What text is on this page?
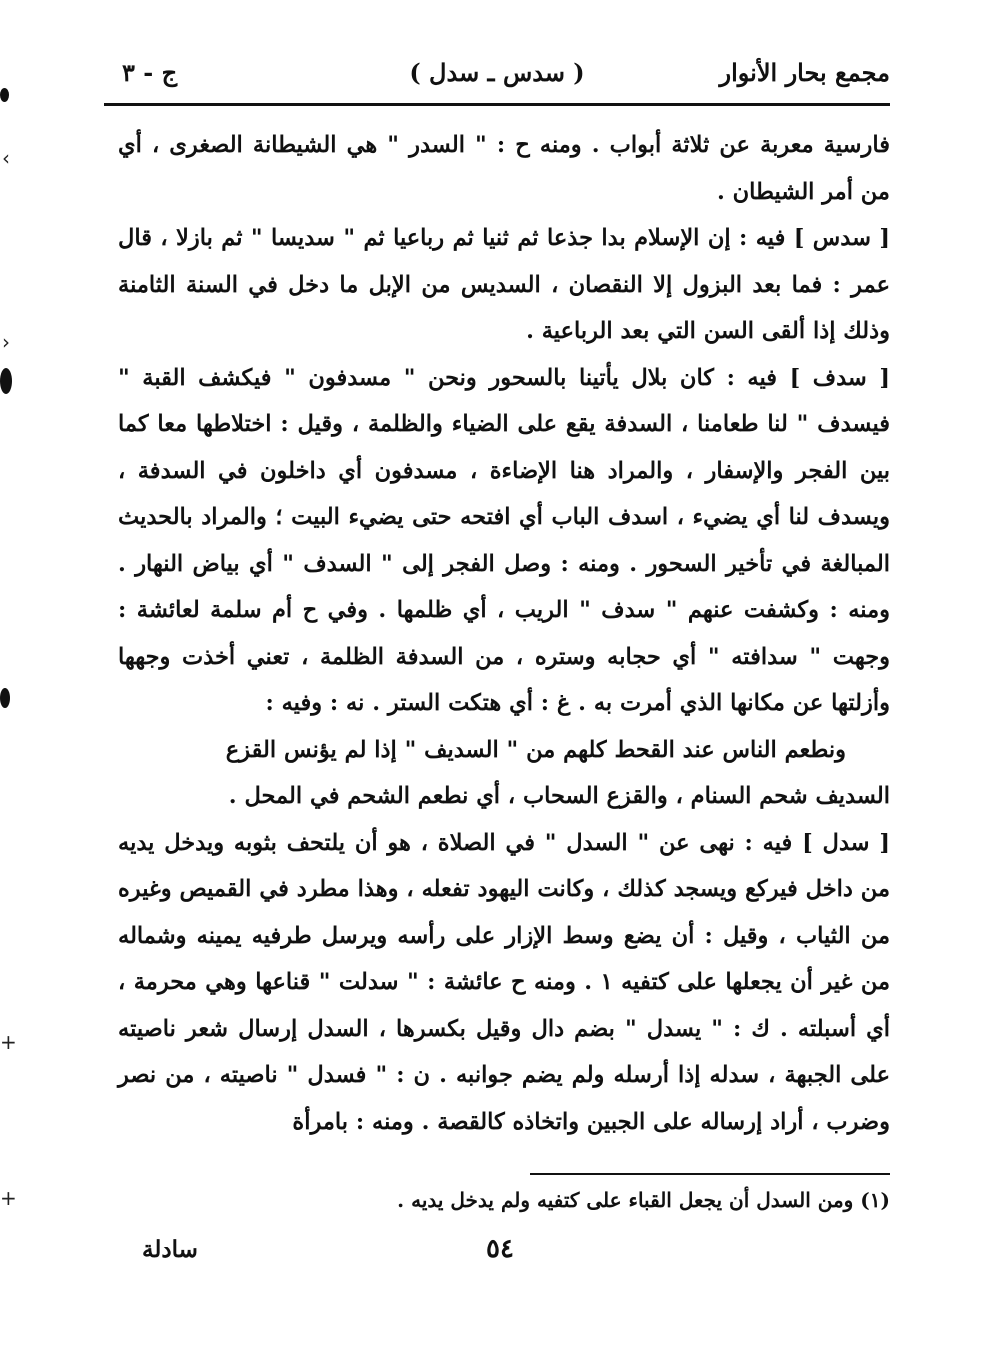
مجمع بحار الأنوار
( سدس ـ سدل )
ج - ٣

فارسية معربة عن ثلاثة أبواب . ومنه ح : " السدر " هي الشيطانة الصغرى ، أي من أمر الشيطان .

[ سدس ] فيه : إن الإسلام بدا جذعا ثم ثنيا ثم رباعيا ثم " سديسا " ثم بازلا ، قال عمر : فما بعد البزول إلا النقصان ، السديس من الإبل ما دخل في السنة الثامنة وذلك إذا ألقى السن التي بعد الرباعية .

[ سدف ] فيه : كان بلال يأتينا بالسحور ونحن " مسدفون " فيكشف القبة " فيسدف " لنا طعامنا ، السدفة يقع على الضياء والظلمة ، وقيل : اختلاطها معا كما بين الفجر والإسفار ، والمراد هنا الإضاءة ، مسدفون أي داخلون في السدفة ، ويسدف لنا أي يضيء ، اسدف الباب أي افتحه حتى يضيء البيت ؛ والمراد بالحديث المبالغة في تأخير السحور . ومنه : وصل الفجر إلى " السدف " أي بياض النهار . ومنه : وكشفت عنهم " سدف " الريب ، أي ظلمها . وفي ح أم سلمة لعائشة : وجهت " سدافته " أي حجابه وستره ، من السدفة الظلمة ، تعني أخذت وجهها وأزلتها عن مكانها الذي أمرت به . غ : أي هتكت الستر . نه : وفيه :

ونطعم الناس عند القحط كلهم من " السديف " إذا لم يؤنس القزع

السديف شحم السنام ، والقزع السحاب ، أي نطعم الشحم في المحل .

[ سدل ] فيه : نهى عن " السدل " في الصلاة ، هو أن يلتحف بثوبه ويدخل يديه من داخل فيركع ويسجد كذلك ، وكانت اليهود تفعله ، وهذا مطرد في القميص وغيره من الثياب ، وقيل : أن يضع وسط الإزار على رأسه ويرسل طرفيه يمينه وشماله من غير أن يجعلها على كتفيه ١ . ومنه ح عائشة : " سدلت " قناعها وهي محرمة ، أي أسبلته . ك : " يسدل " بضم دال وقيل بكسرها ، السدل إرسال شعر ناصيته على الجبهة ، سدله إذا أرسله ولم يضم جوانبه . ن : " فسدل " ناصيته ، من نصر وضرب ، أراد إرساله على الجبين واتخاذه كالقصة . ومنه : بامرأة

(١) ومن السدل أن يجعل القباء على كتفيه ولم يدخل يديه .
٥٤
سادلة
‹
›
+
+
